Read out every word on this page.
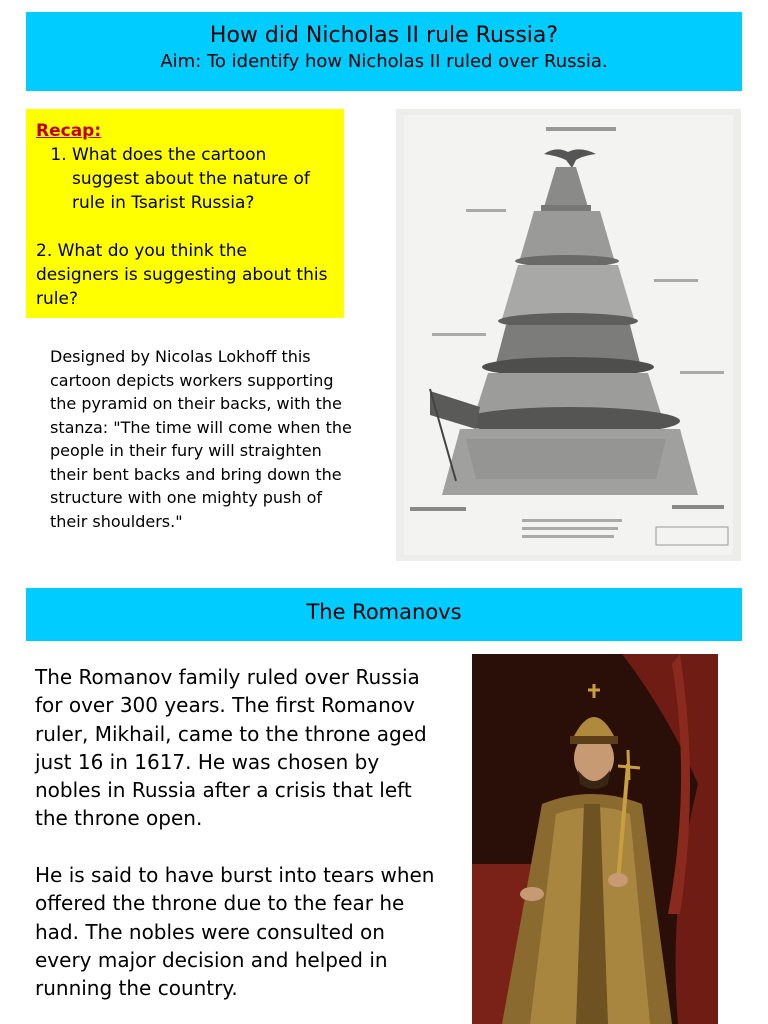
How did Nicholas II rule Russia?

Aim: To identify how Nicholas II ruled over Russia.

Recap:

1. What does the cartoon suggest about the nature of rule in Tsarist Russia?

2. What do you think the designers is suggesting about this rule?

Designed by Nicolas Lokhoff this cartoon depicts workers supporting the pyramid on their backs, with the stanza: "The time will come when the people in their fury will straighten their bent backs and bring down the structure with one mighty push of their shoulders."

The Romanovs

The Romanov family ruled over Russia for over 300 years. The first Romanov ruler, Mikhail, came to the throne aged just 16 in 1617. He was chosen by nobles in Russia after a crisis that left the throne open.

He is said to have burst into tears when offered the throne due to the fear he had. The nobles were consulted on every major decision and helped in running the country.
